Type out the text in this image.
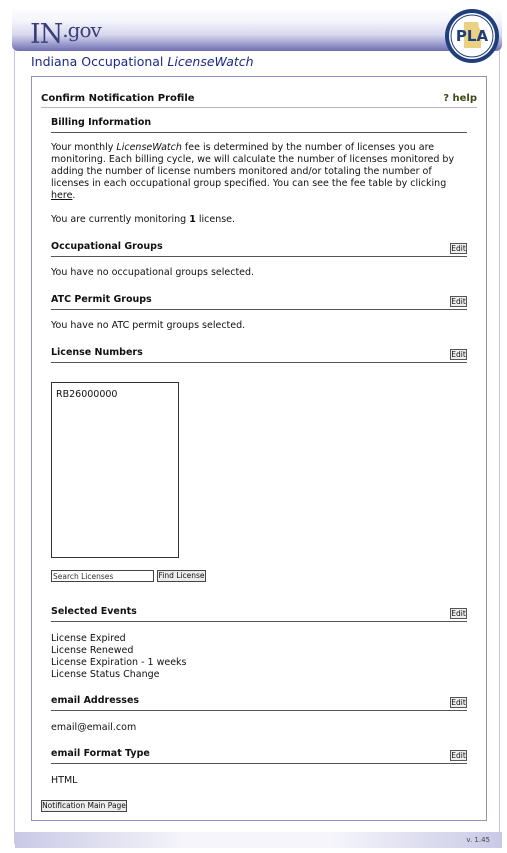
$IN^{.gov}$	PLA
Indiana Occupational LicenseWatch
Confirm Notification Profile	? help
Billing Information
Your monthly LicenseWatch fee is determined by the number of licenses you are monitoring. Each billing cycle, we will calculate the number of licenses monitored by adding the number of license numbers monitored and/or totaling the number of licenses in each occupational group specified. You can see the fee table by clicking here.
You are currently monitoring 1 license.
Occupational Groups	Edit
You have no occupational groups selected.
ATC Permit Groups	Edit
You have no ATC permit groups selected.
License Numbers	Edit
RB26000000
Search Licenses
Find License
Selected Events	Edit
License Expired
License Renewed
License Expiration - 1 weeks
License Status Change
email Addresses	Edit
email@email.com
email Format Type	Edit
HTML
Notification Main Page
v. 1.45
